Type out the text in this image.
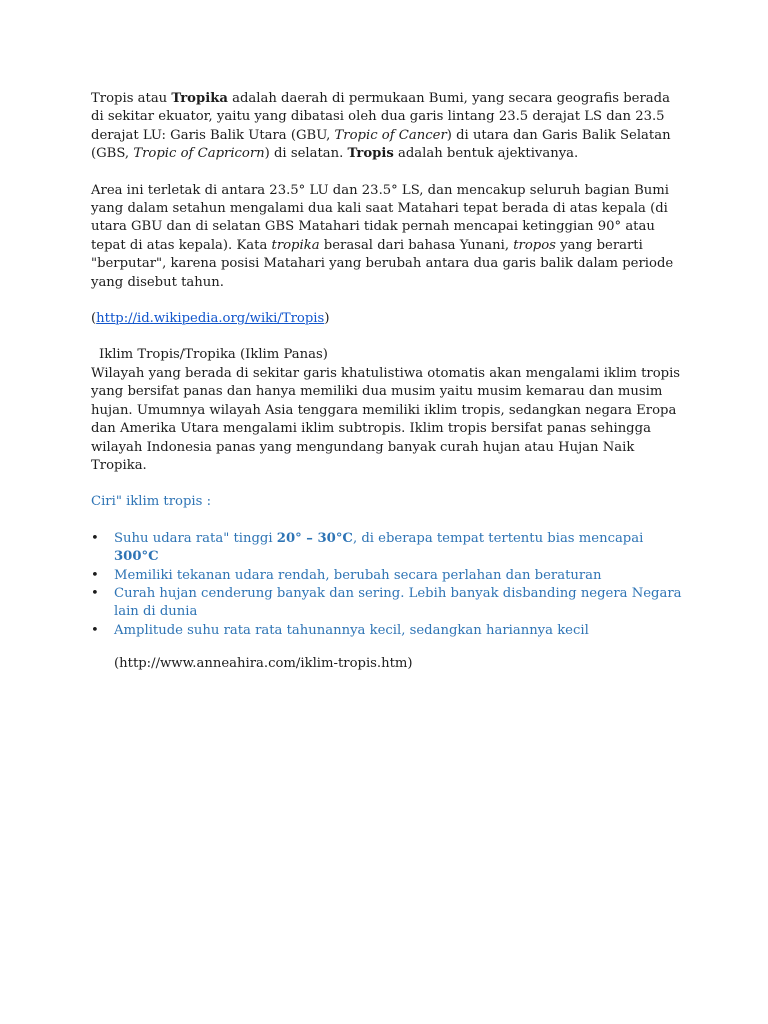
Tropis atau Tropika adalah daerah di permukaan Bumi, yang secara geografis berada di sekitar ekuator, yaitu yang dibatasi oleh dua garis lintang 23.5 derajat LS dan 23.5 derajat LU: Garis Balik Utara (GBU, Tropic of Cancer) di utara dan Garis Balik Selatan (GBS, Tropic of Capricorn) di selatan. Tropis adalah bentuk ajektivanya.

Area ini terletak di antara 23.5° LU dan 23.5° LS, dan mencakup seluruh bagian Bumi yang dalam setahun mengalami dua kali saat Matahari tepat berada di atas kepala (di utara GBU dan di selatan GBS Matahari tidak pernah mencapai ketinggian 90° atau tepat di atas kepala). Kata tropika berasal dari bahasa Yunani, tropos yang berarti "berputar", karena posisi Matahari yang berubah antara dua garis balik dalam periode yang disebut tahun.

(http://id.wikipedia.org/wiki/Tropis)

Iklim Tropis/Tropika (Iklim Panas)

Wilayah yang berada di sekitar garis khatulistiwa otomatis akan mengalami iklim tropis yang bersifat panas dan hanya memiliki dua musim yaitu musim kemarau dan musim hujan. Umumnya wilayah Asia tenggara memiliki iklim tropis, sedangkan negara Eropa dan Amerika Utara mengalami iklim subtropis. Iklim tropis bersifat panas sehingga wilayah Indonesia panas yang mengundang banyak curah hujan atau Hujan Naik Tropika.

Ciri" iklim tropis :

• Suhu udara rata" tinggi 20° – 30°C, di eberapa tempat tertentu bias mencapai 300°C
• Memiliki tekanan udara rendah, berubah secara perlahan dan beraturan
• Curah hujan cenderung banyak dan sering. Lebih banyak disbanding negera Negara lain di dunia
• Amplitude suhu rata rata tahunannya kecil, sedangkan hariannya kecil

(http://www.anneahira.com/iklim-tropis.htm)
